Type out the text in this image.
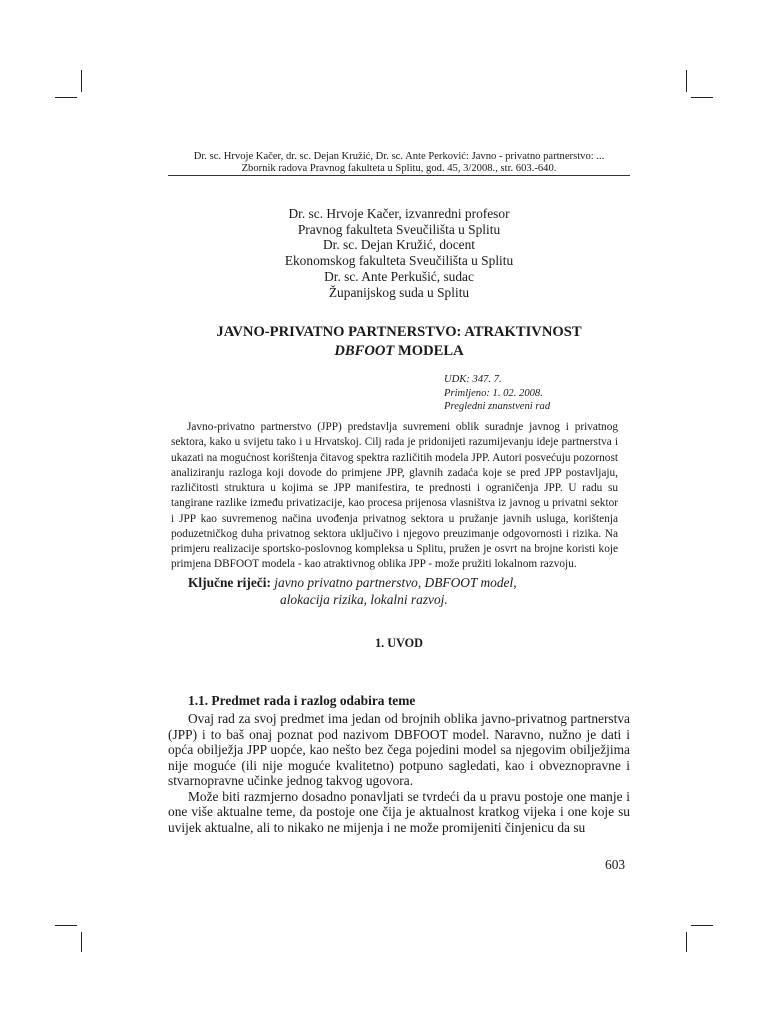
Dr. sc. Hrvoje Kačer, dr. sc. Dejan Kružić, Dr. sc. Ante Perković: Javno - privatno partnerstvo: ...
Zbornik radova Pravnog fakulteta u Splitu, god. 45, 3/2008., str. 603.-640.
Dr. sc. Hrvoje Kačer, izvanredni profesor
Pravnog fakulteta Sveučilišta u Splitu
Dr. sc. Dejan Kružić, docent
Ekonomskog fakulteta Sveučilišta u Splitu
Dr. sc. Ante Perkušić, sudac
Županijskog suda u Splitu
JAVNO-PRIVATNO PARTNERSTVO: ATRAKTIVNOST
DBFOOT MODELA
UDK: 347. 7.
Primljeno: 1. 02. 2008.
Pregledni znanstveni rad

Javno-privatno partnerstvo (JPP) predstavlja suvremeni oblik suradnje javnog i privatnog sektora, kako u svijetu tako i u Hrvatskoj. Cilj rada je pridonijeti razumijevanju ideje partnerstva i ukazati na mogućnost korištenja čitavog spektra različitih modela JPP. Autori posvećuju pozornost analiziranju razloga koji dovode do primjene JPP, glavnih zadaća koje se pred JPP postavljaju, različitosti struktura u kojima se JPP manifestira, te prednosti i ograničenja JPP. U radu su tangirane razlike između privatizacije, kao procesa prijenosa vlasništva iz javnog u privatni sektor i JPP kao suvremenog načina uvođenja privatnog sektora u pružanje javnih usluga, korištenja poduzetničkog duha privatnog sektora uključivo i njegovo preuzimanje odgovornosti i rizika. Na primjeru realizacije sportsko-poslovnog kompleksa u Splitu, pružen je osvrt na brojne koristi koje primjena DBFOOT modela - kao atraktivnog oblika JPP - može pružiti lokalnom razvoju.

Ključne riječi: javno privatno partnerstvo, DBFOOT model,
alokacija rizika, lokalni razvoj.
1. UVOD
1.1. Predmet rada i razlog odabira teme

Ovaj rad za svoj predmet ima jedan od brojnih oblika javno-privatnog partnerstva (JPP) i to baš onaj poznat pod nazivom DBFOOT model. Naravno, nužno je dati i opća obilježja JPP uopće, kao nešto bez čega pojedini model sa njegovim obilježjima nije moguće (ili nije moguće kvalitetno) potpuno sagledati, kao i obveznopravne i stvarnopravne učinke jednog takvog ugovora.

Može biti razmjerno dosadno ponavljati se tvrdeći da u pravu postoje one manje i one više aktualne teme, da postoje one čija je aktualnost kratkog vijeka i one koje su uvijek aktualne, ali to nikako ne mijenja i ne može promijeniti činjenicu da su

603
